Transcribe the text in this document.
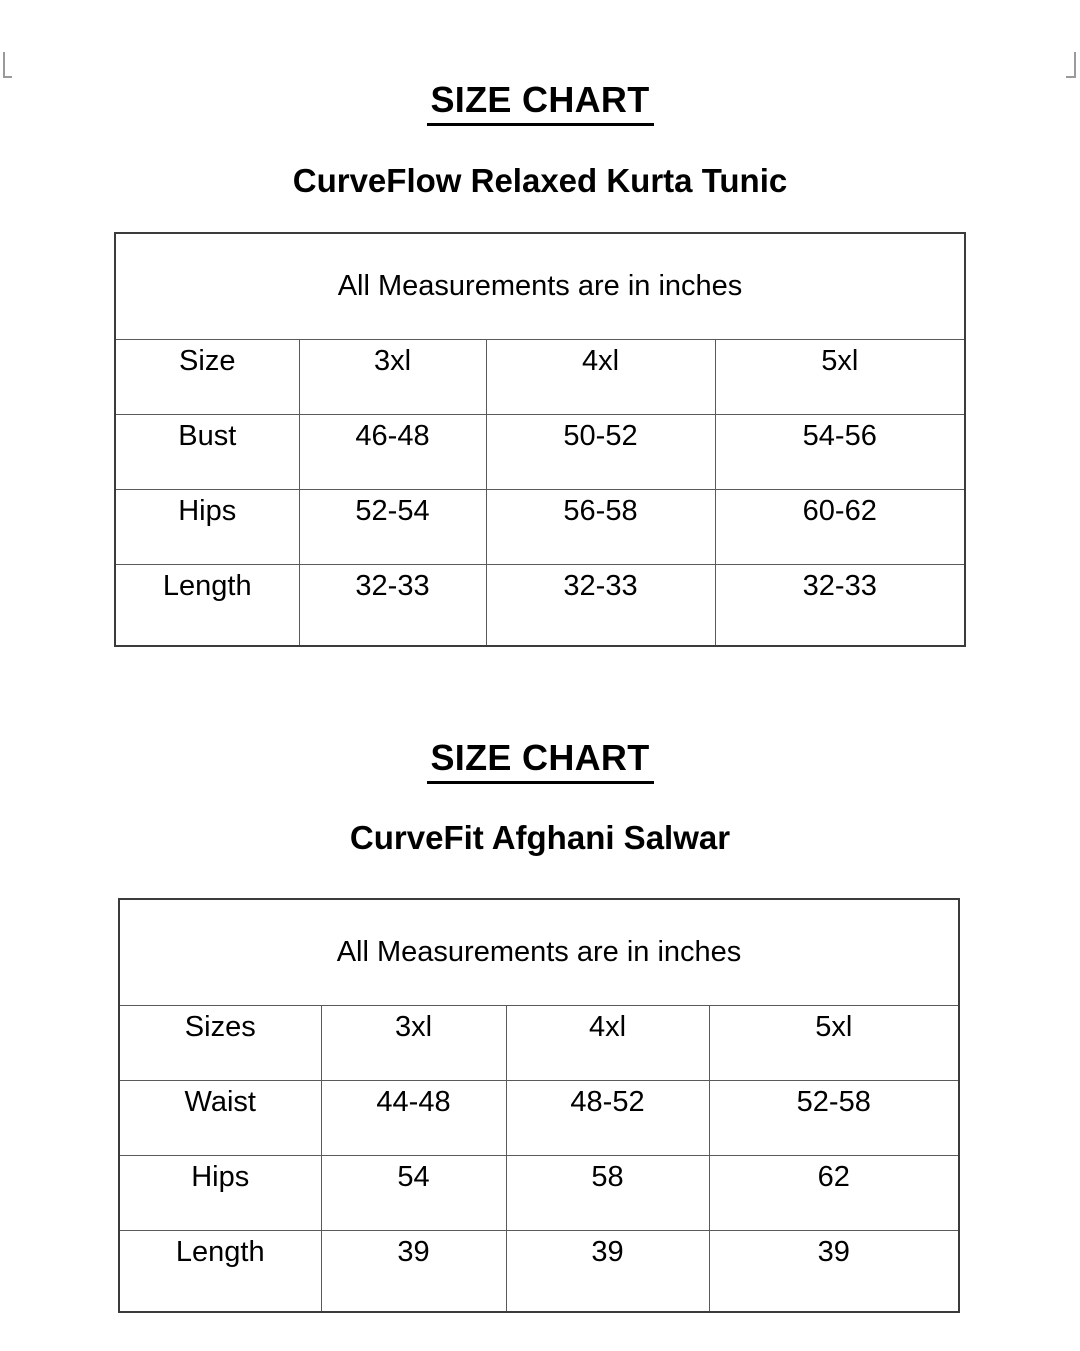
SIZE CHART
CurveFlow Relaxed Kurta Tunic
All Measurements are in inches			
Size	3xl	4xl	5xl
Bust	46-48	50-52	54-56
Hips	52-54	56-58	60-62
Length	32-33	32-33	32-33
SIZE CHART
CurveFit Afghani Salwar
All Measurements are in inches			
Sizes	3xl	4xl	5xl
Waist	44-48	48-52	52-58
Hips	54	58	62
Length	39	39	39
